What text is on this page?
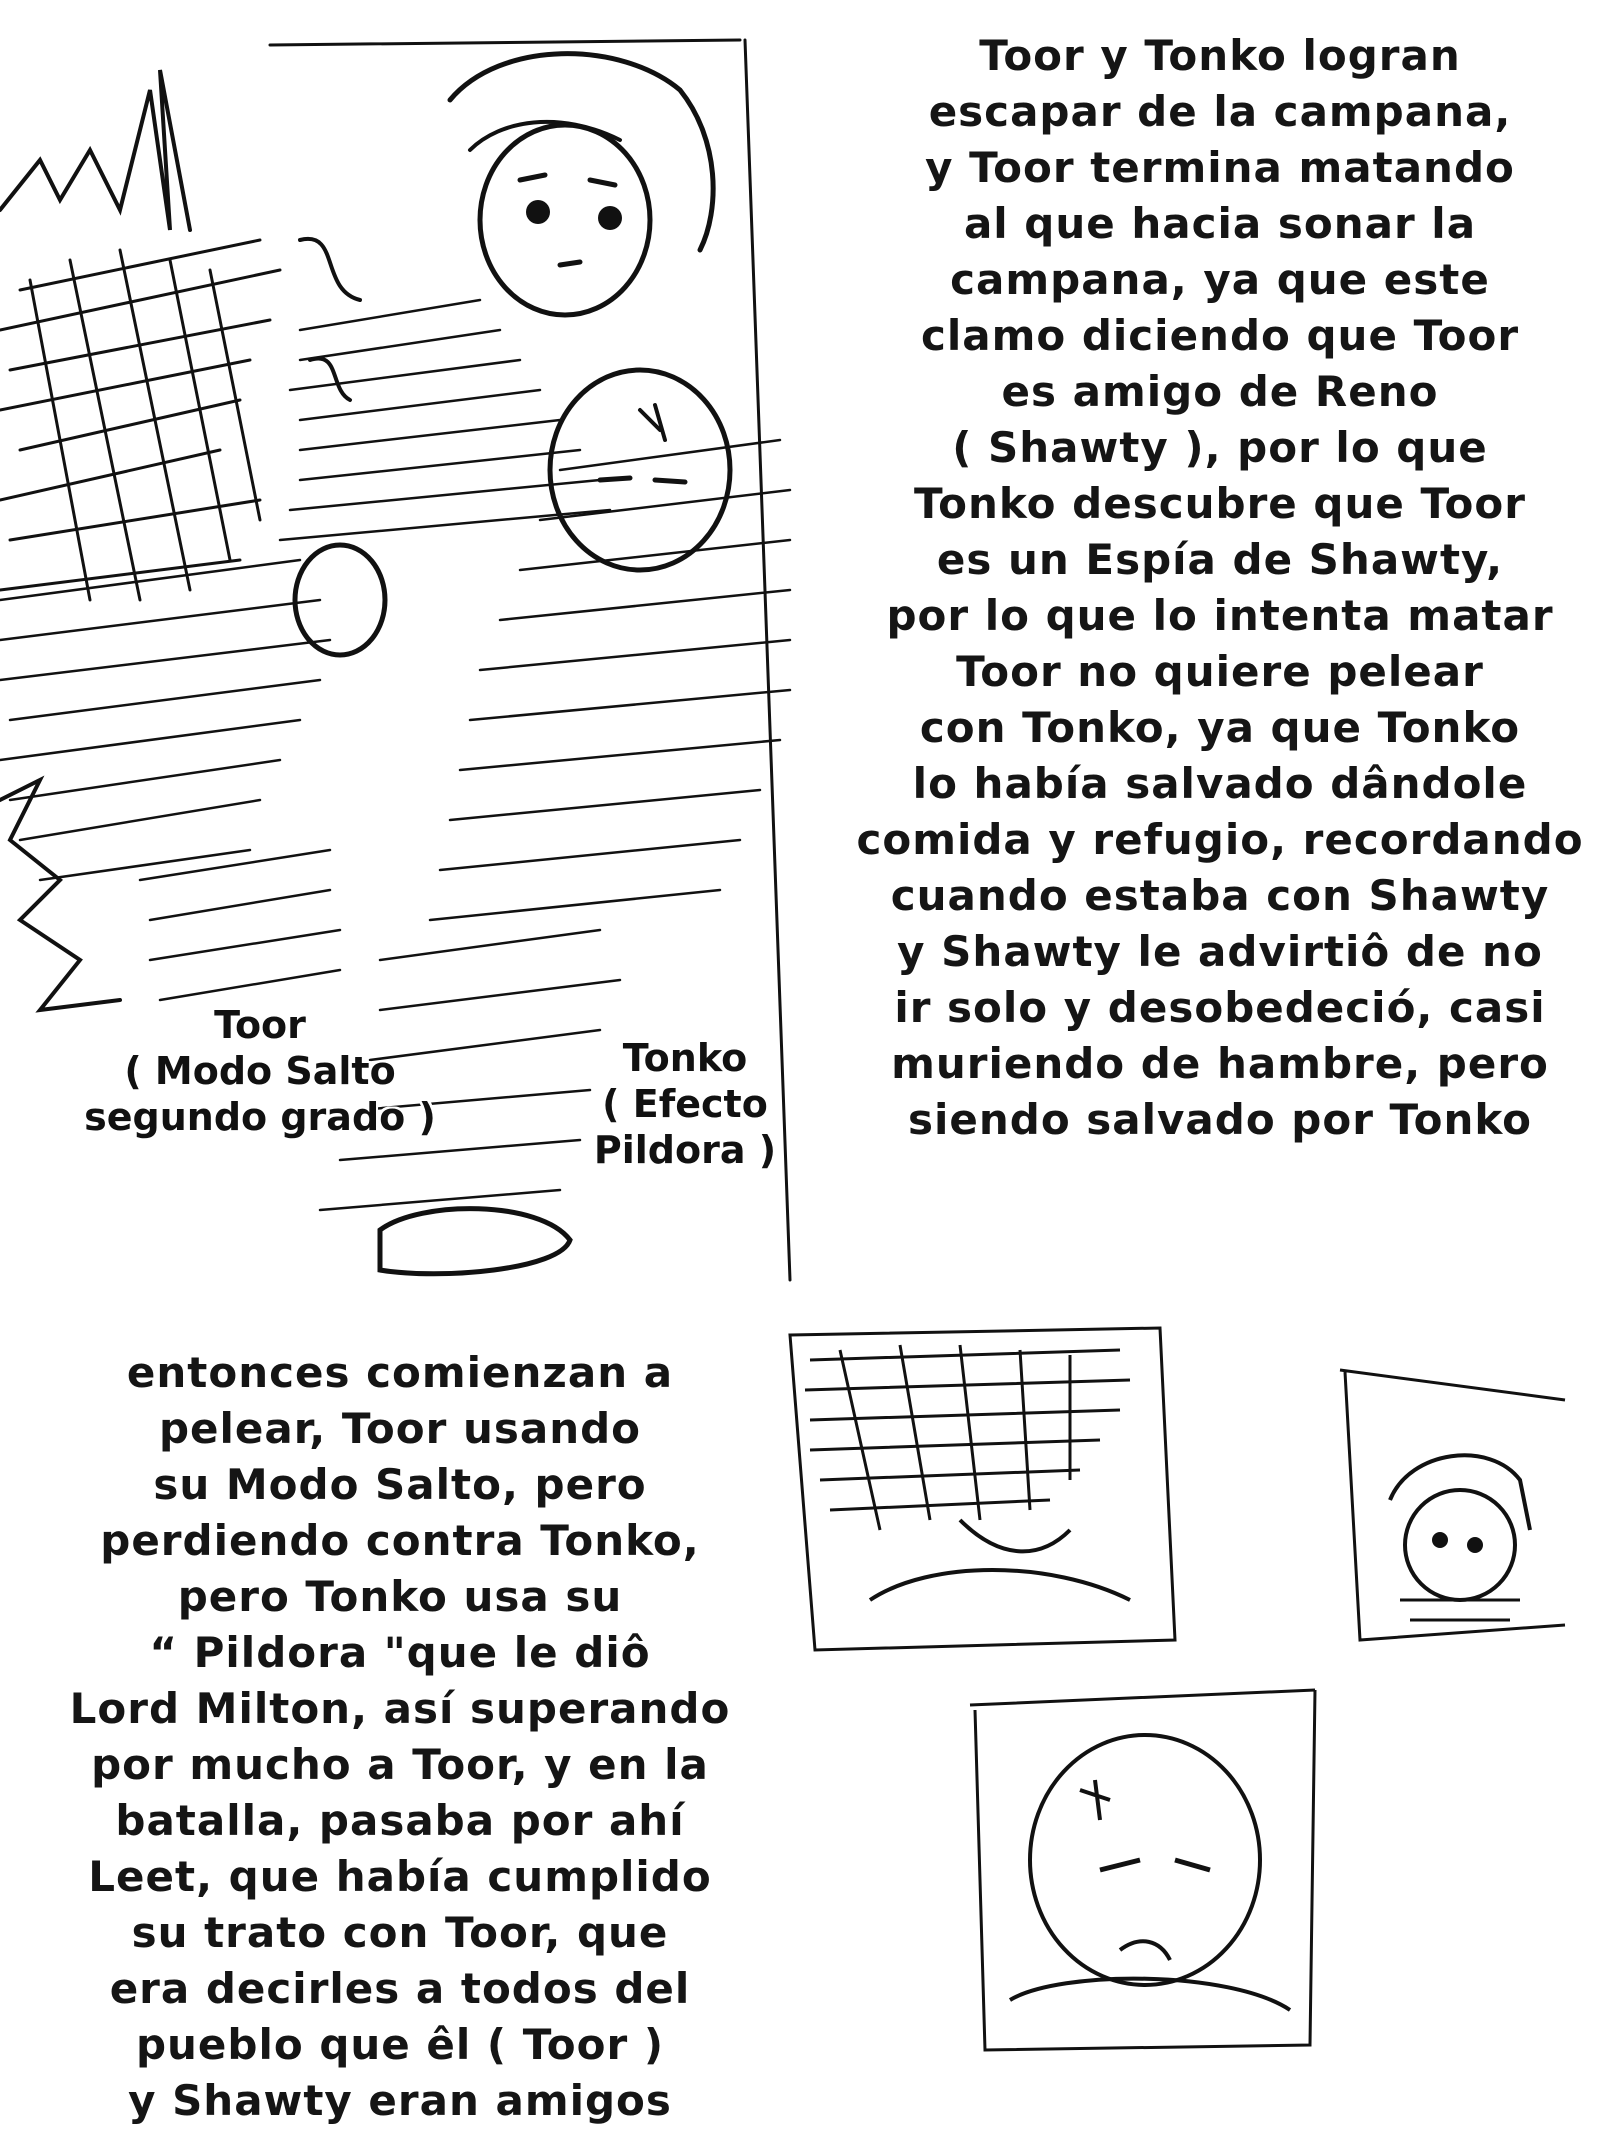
Toor y Tonko logran
escapar de la campana,
y Toor termina matando
al que hacia sonar la
campana, ya que este
clamo diciendo que Toor
es amigo de Reno
( Shawty ), por lo que
Tonko descubre que Toor
es un Espía de Shawty,
por lo que lo intenta matar
Toor no quiere pelear
con Tonko, ya que Tonko
lo había salvado dândole
comida y refugio, recordando
cuando estaba con Shawty
y Shawty le advirtiô de no
ir solo y desobedeció, casi
muriendo de hambre, pero
siendo salvado por Tonko
Toor
( Modo Salto
segundo grado )
Tonko
( Efecto
Pildora )
entonces comienzan a
pelear, Toor usando
su Modo Salto, pero
perdiendo contra Tonko,
pero Tonko usa su
“ Pildora "que le diô
Lord Milton, así superando
por mucho a Toor, y en la
batalla, pasaba por ahí
Leet, que había cumplido
su trato con Toor, que
era decirles a todos del
pueblo que êl ( Toor )
y Shawty eran amigos
